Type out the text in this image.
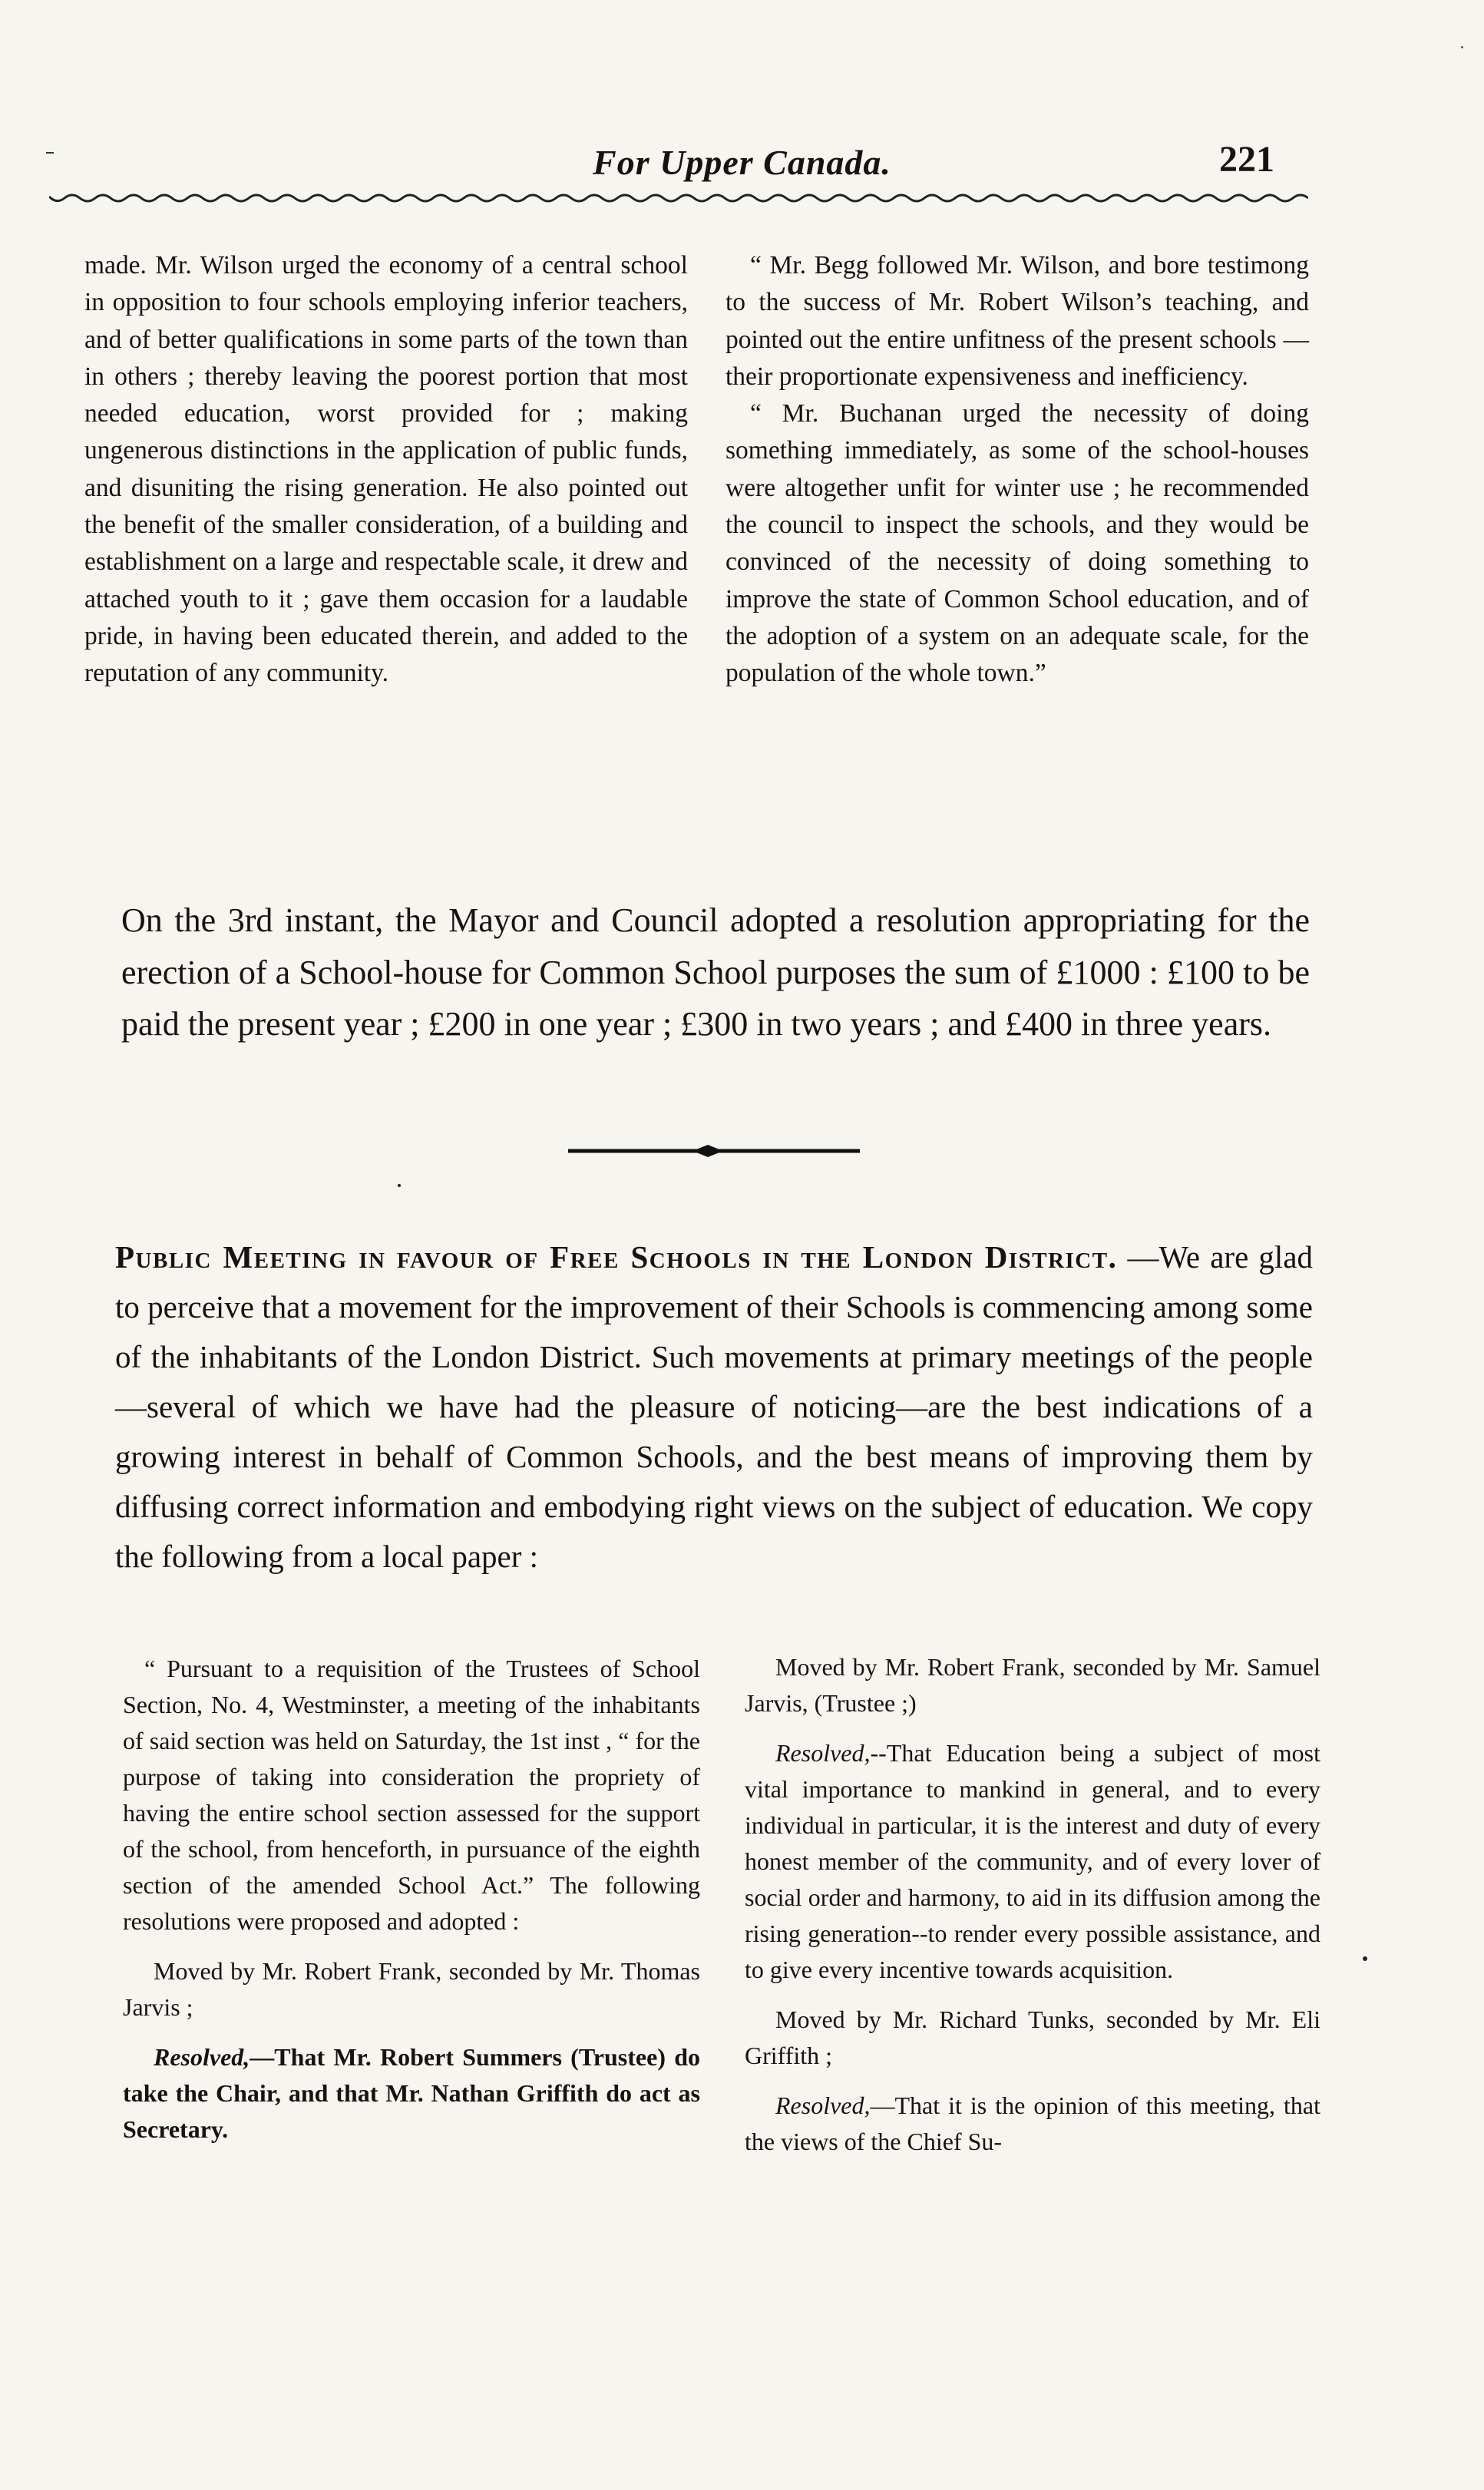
For Upper Canada.	221

made. Mr. Wilson urged the economy of a central school in opposition to four schools employing inferior teachers, and of better qualifications in some parts of the town than in others ; thereby leaving the poorest portion that most needed education, worst provided for ; making ungenerous distinctions in the application of public funds, and disuniting the rising generation. He also pointed out the benefit of the smaller consideration, of a building and establishment on a large and respectable scale, it drew and attached youth to it ; gave them occasion for a laudable pride, in having been educated therein, and added to the reputation of any community.

“ Mr. Begg followed Mr. Wilson, and bore testimong to the success of Mr. Robert Wilson’s teaching, and pointed out the entire unfitness of the present schools —their proportionate expensiveness and inefficiency.

“ Mr. Buchanan urged the necessity of doing something immediately, as some of the school-houses were altogether unfit for winter use ; he recommended the council to inspect the schools, and they would be convinced of the necessity of doing something to improve the state of Common School education, and of the adoption of a system on an adequate scale, for the population of the whole town.”

On the 3rd instant, the Mayor and Council adopted a resolution appropriating for the erection of a School-house for Common School purposes the sum of £1000 : £100 to be paid the present year ; £200 in one year ; £300 in two years ; and £400 in three years.

Public Meeting in favour of Free Schools in the London District. —We are glad to perceive that a movement for the improvement of their Schools is commencing among some of the inhabitants of the London District. Such movements at primary meetings of the people—several of which we have had the pleasure of noticing—are the best indications of a growing interest in behalf of Common Schools, and the best means of improving them by diffusing correct information and embodying right views on the subject of education. We copy the following from a local paper :

“ Pursuant to a requisition of the Trustees of School Section, No. 4, Westminster, a meeting of the inhabitants of said section was held on Saturday, the 1st inst , “ for the purpose of taking into consideration the propriety of having the entire school section assessed for the support of the school, from henceforth, in pursuance of the eighth section of the amended School Act.” The following resolutions were proposed and adopted :

Moved by Mr. Robert Frank, seconded by Mr. Thomas Jarvis ;

Resolved,—That Mr. Robert Summers (Trustee) do take the Chair, and that Mr. Nathan Griffith do act as Secretary.

Moved by Mr. Robert Frank, seconded by Mr. Samuel Jarvis, (Trustee ;)

Resolved,--That Education being a subject of most vital importance to mankind in general, and to every individual in particular, it is the interest and duty of every honest member of the community, and of every lover of social order and harmony, to aid in its diffusion among the rising generation--to render every possible assistance, and to give every incentive towards acquisition.

Moved by Mr. Richard Tunks, seconded by Mr. Eli Griffith ;

Resolved,—That it is the opinion of this meeting, that the views of the Chief Su-
